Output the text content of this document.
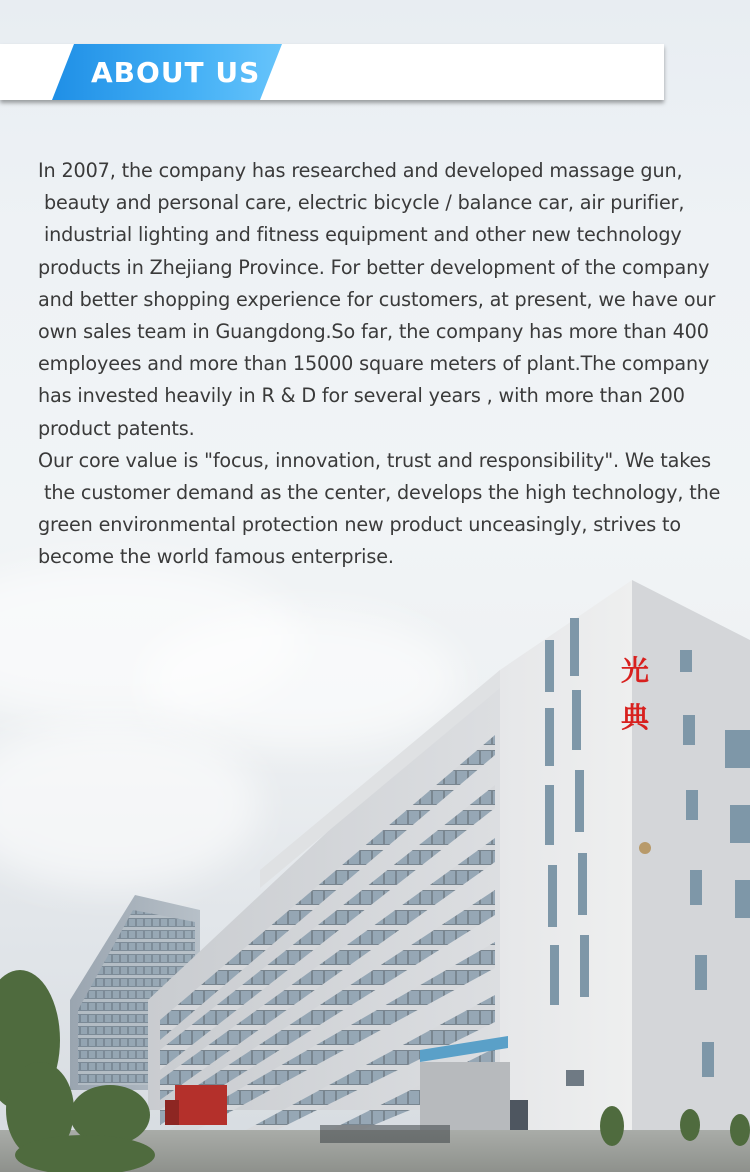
ABOUT US
In 2007, the company has researched and developed massage gun,
beauty and personal care, electric bicycle / balance car, air purifier,
industrial lighting and fitness equipment and other new technology
products in Zhejiang Province. For better development of the company
and better shopping experience for customers, at present, we have our
own sales team in Guangdong.So far, the company has more than 400
employees and more than 15000 square meters of plant.The company
has invested heavily in R & D for several years , with more than 200
product patents.
Our core value is "focus, innovation, trust and responsibility". We takes
the customer demand as the center, develops the high technology, the
green environmental protection new product unceasingly, strives to
become the world famous enterprise.
光
典
